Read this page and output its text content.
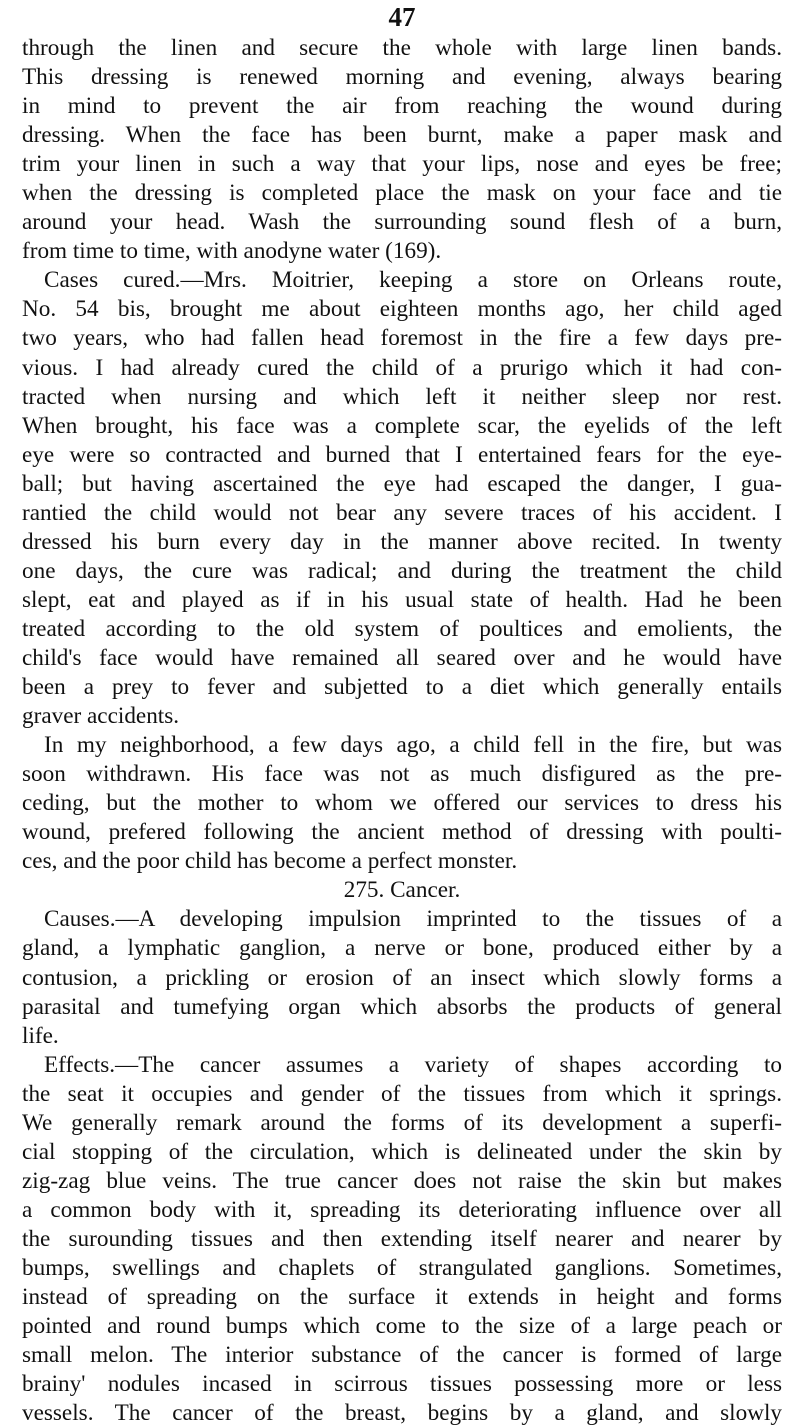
47
through the linen and secure the whole with large linen bands.
This dressing is renewed morning and evening, always bearing
in mind to prevent the air from reaching the wound during
dressing. When the face has been burnt, make a paper mask and
trim your linen in such a way that your lips, nose and eyes be free;
when the dressing is completed place the mask on your face and tie
around your head. Wash the surrounding sound flesh of a burn,
from time to time, with anodyne water (169).
Cases cured.—Mrs. Moitrier, keeping a store on Orleans route,
No. 54 bis, brought me about eighteen months ago, her child aged
two years, who had fallen head foremost in the fire a few days pre-
vious. I had already cured the child of a prurigo which it had con-
tracted when nursing and which left it neither sleep nor rest.
When brought, his face was a complete scar, the eyelids of the left
eye were so contracted and burned that I entertained fears for the eye-
ball; but having ascertained the eye had escaped the danger, I gua-
rantied the child would not bear any severe traces of his accident. I
dressed his burn every day in the manner above recited. In twenty
one days, the cure was radical; and during the treatment the child
slept, eat and played as if in his usual state of health. Had he been
treated according to the old system of poultices and emolients, the
child's face would have remained all seared over and he would have
been a prey to fever and subjetted to a diet which generally entails
graver accidents.
In my neighborhood, a few days ago, a child fell in the fire, but was
soon withdrawn. His face was not as much disfigured as the pre-
ceding, but the mother to whom we offered our services to dress his
wound, prefered following the ancient method of dressing with poulti-
ces, and the poor child has become a perfect monster.
275. Cancer.
Causes.—A developing impulsion imprinted to the tissues of a
gland, a lymphatic ganglion, a nerve or bone, produced either by a
contusion, a prickling or erosion of an insect which slowly forms a
parasital and tumefying organ which absorbs the products of general
life.
Effects.—The cancer assumes a variety of shapes according to
the seat it occupies and gender of the tissues from which it springs.
We generally remark around the forms of its development a superfi-
cial stopping of the circulation, which is delineated under the skin by
zig-zag blue veins. The true cancer does not raise the skin but makes
a common body with it, spreading its deteriorating influence over all
the surounding tissues and then extending itself nearer and nearer by
bumps, swellings and chaplets of strangulated ganglions. Sometimes,
instead of spreading on the surface it extends in height and forms
pointed and round bumps which come to the size of a large peach or
small melon. The interior substance of the cancer is formed of large
brainy' nodules incased in scirrous tissues possessing more or less
vessels. The cancer of the breast, begins by a gland, and slowly
